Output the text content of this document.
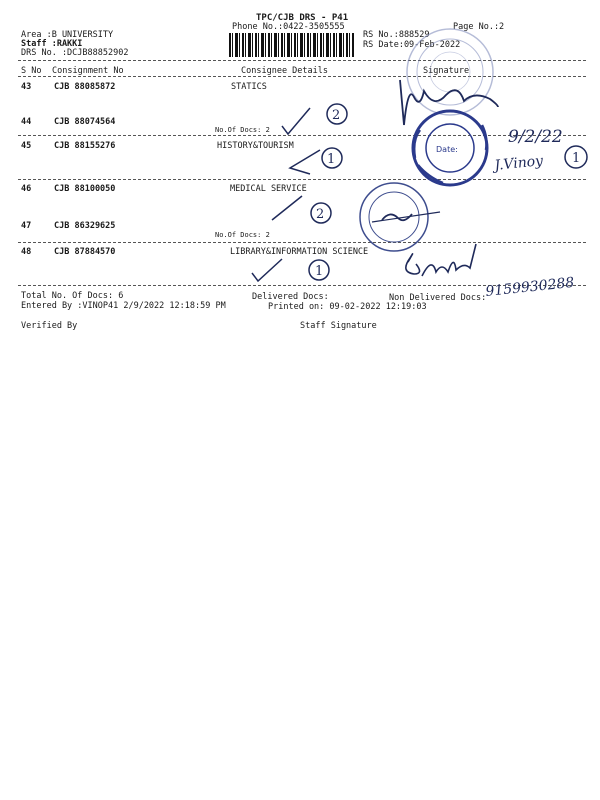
TPC/CJB DRS - P41
Phone No.:0422-3505555	Page No.:2
Area :B UNIVERSITY
Staff :RAKKI
DRS No. :DCJB88852902
RS No.:888529
RS Date:09-Feb-2022
S No Consignment No	Consignee Details	Signature
43	CJB 88085872	STATICS
44	CJB 88074564
No.Of Docs: 2
45	CJB 88155276	HISTORY&TOURISM
46	CJB 88100050	MEDICAL SERVICE
47	CJB 86329625
No.Of Docs: 2
48	CJB 87884570	LIBRARY&INFORMATION SCIENCE
Total No. Of Docs: 6	Delivered Docs:	Non Delivered Docs:
Entered By :VINOP41 2/9/2022 12:18:59 PM	Printed on: 09-02-2022 12:19:03
Verified By	Staff Signature
Date:
2
1
2
1
1
9/2/22
J.Vinoy
9159930288
